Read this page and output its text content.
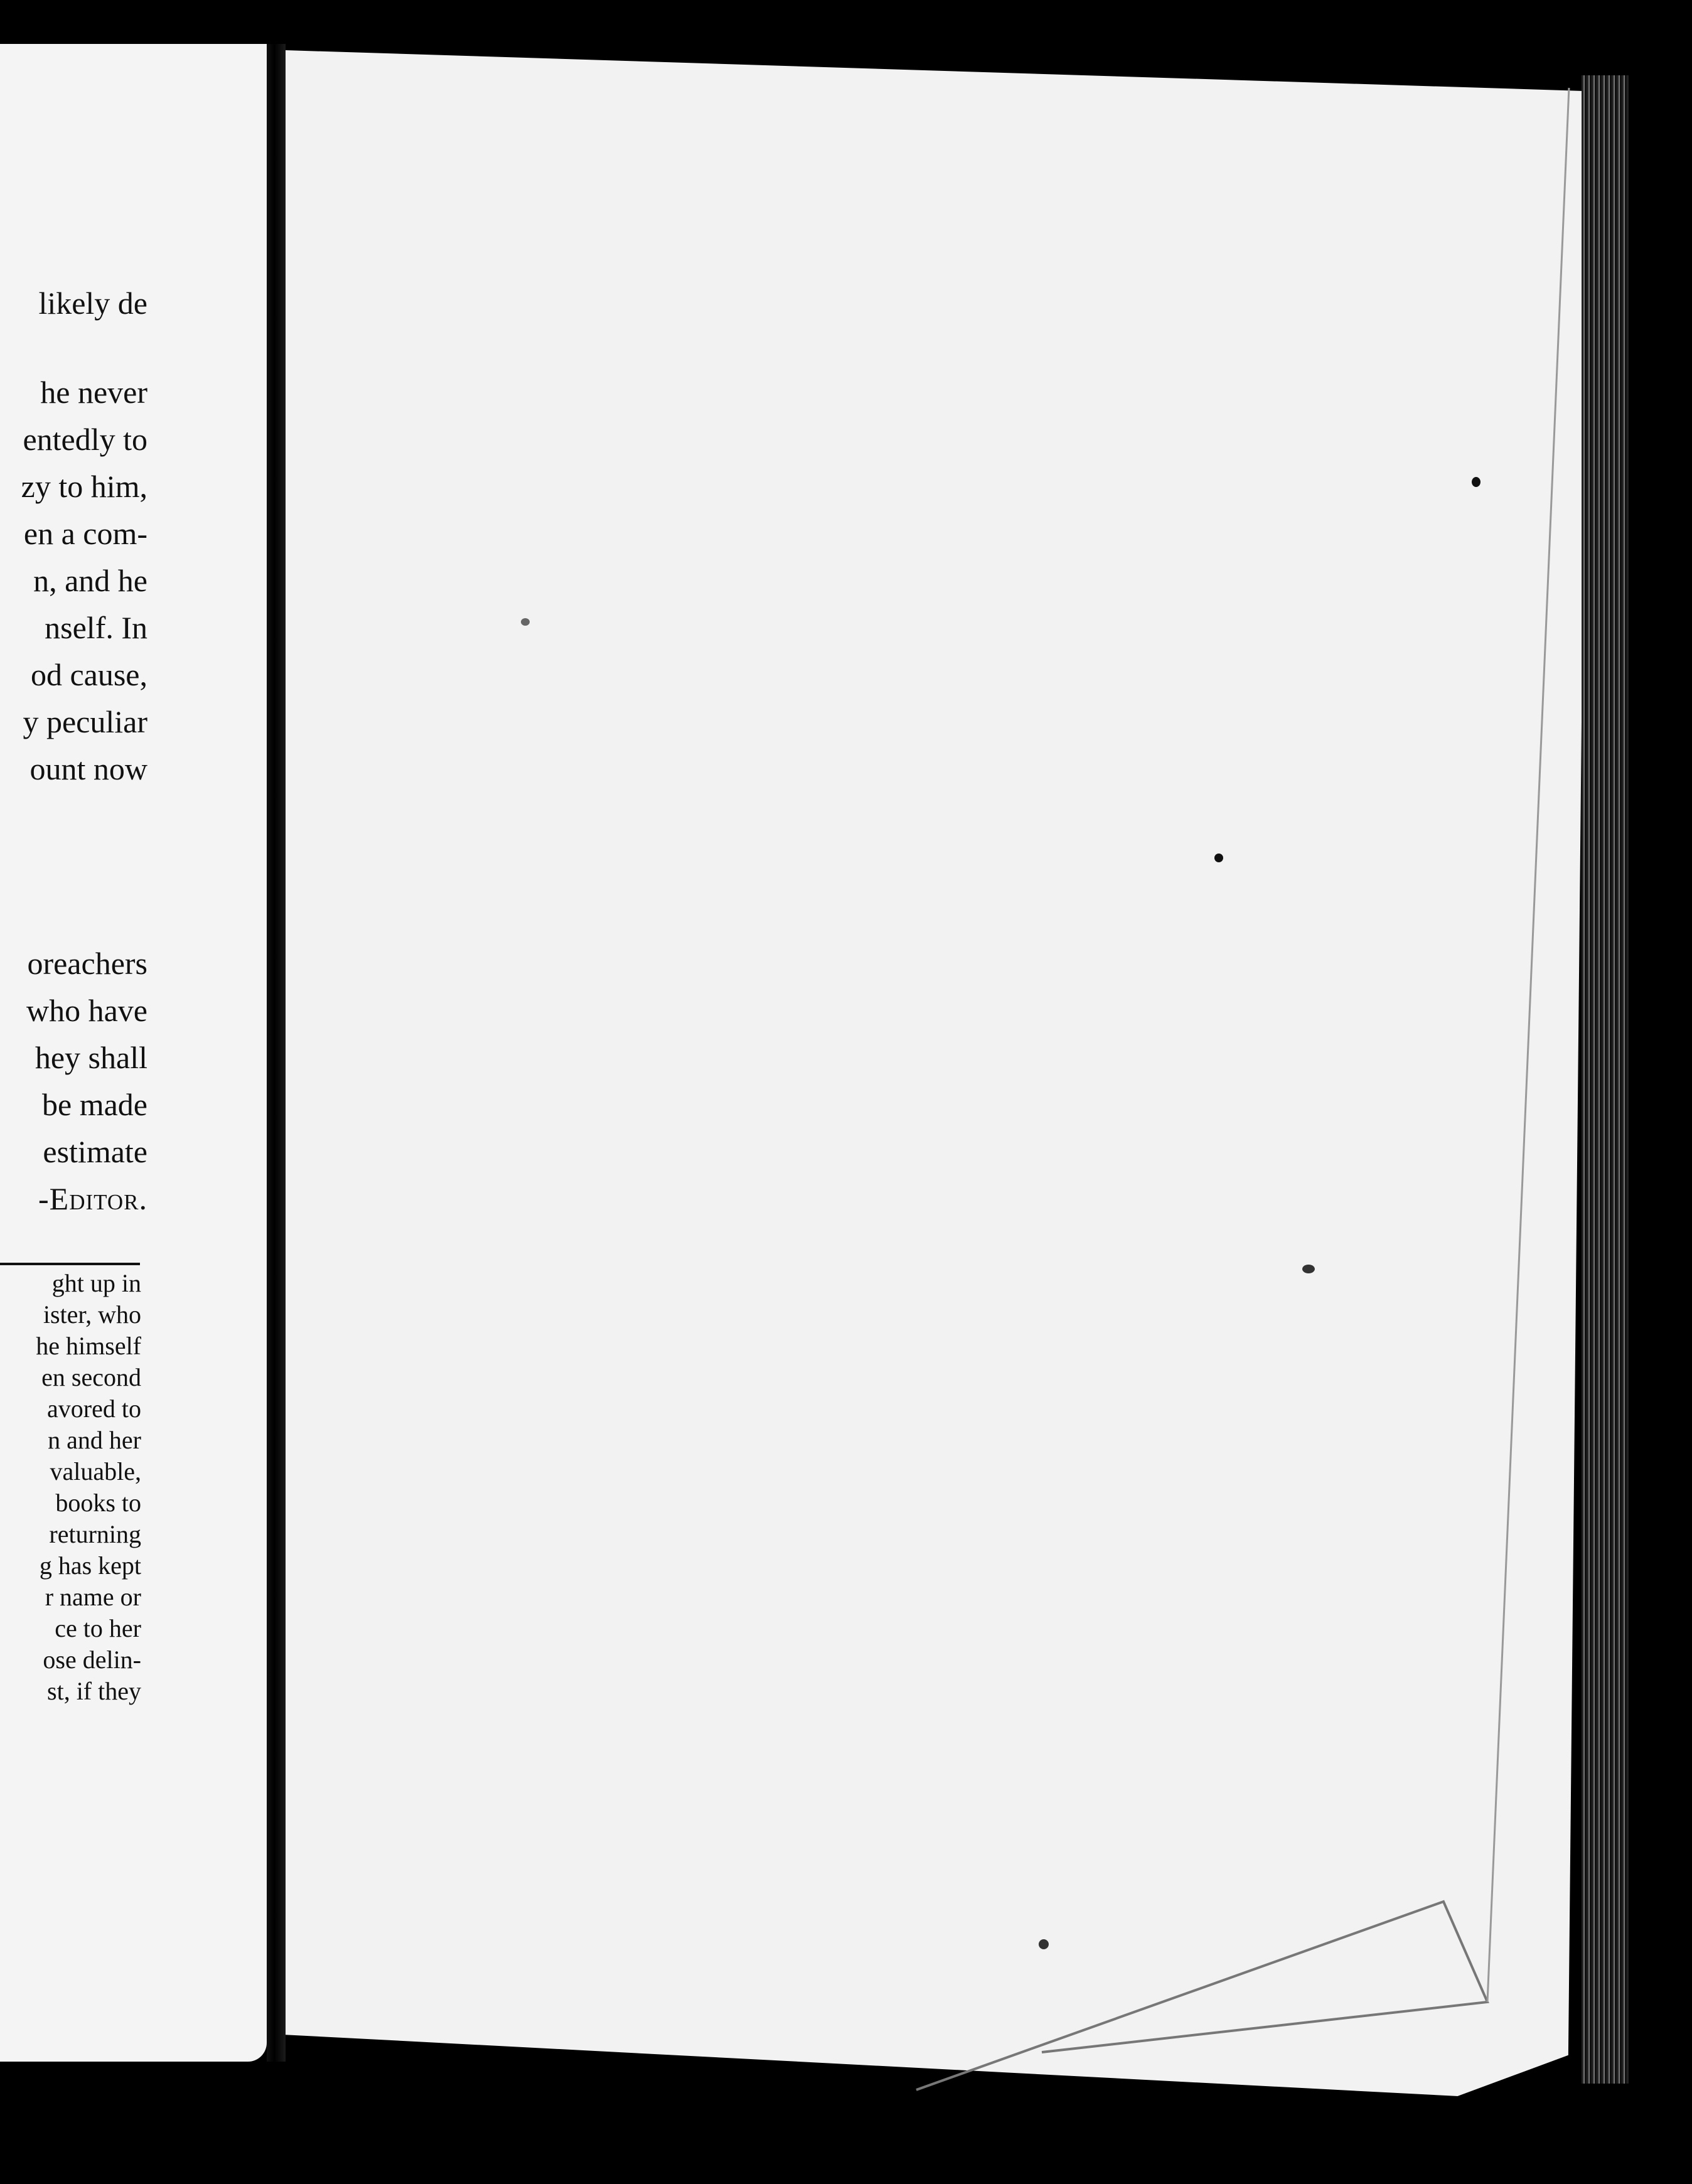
likely de
he never
entedly to
zy to him,
en a com-
n, and he
nself. In
od cause,
y peculiar
ount now
oreachers
who have
hey shall
be made
estimate
-Editor.
ght up in
ister, who
he himself
en second
avored to
n and her
valuable,
books to
returning
g has kept
r name or
ce to her
ose delin-
st, if they
